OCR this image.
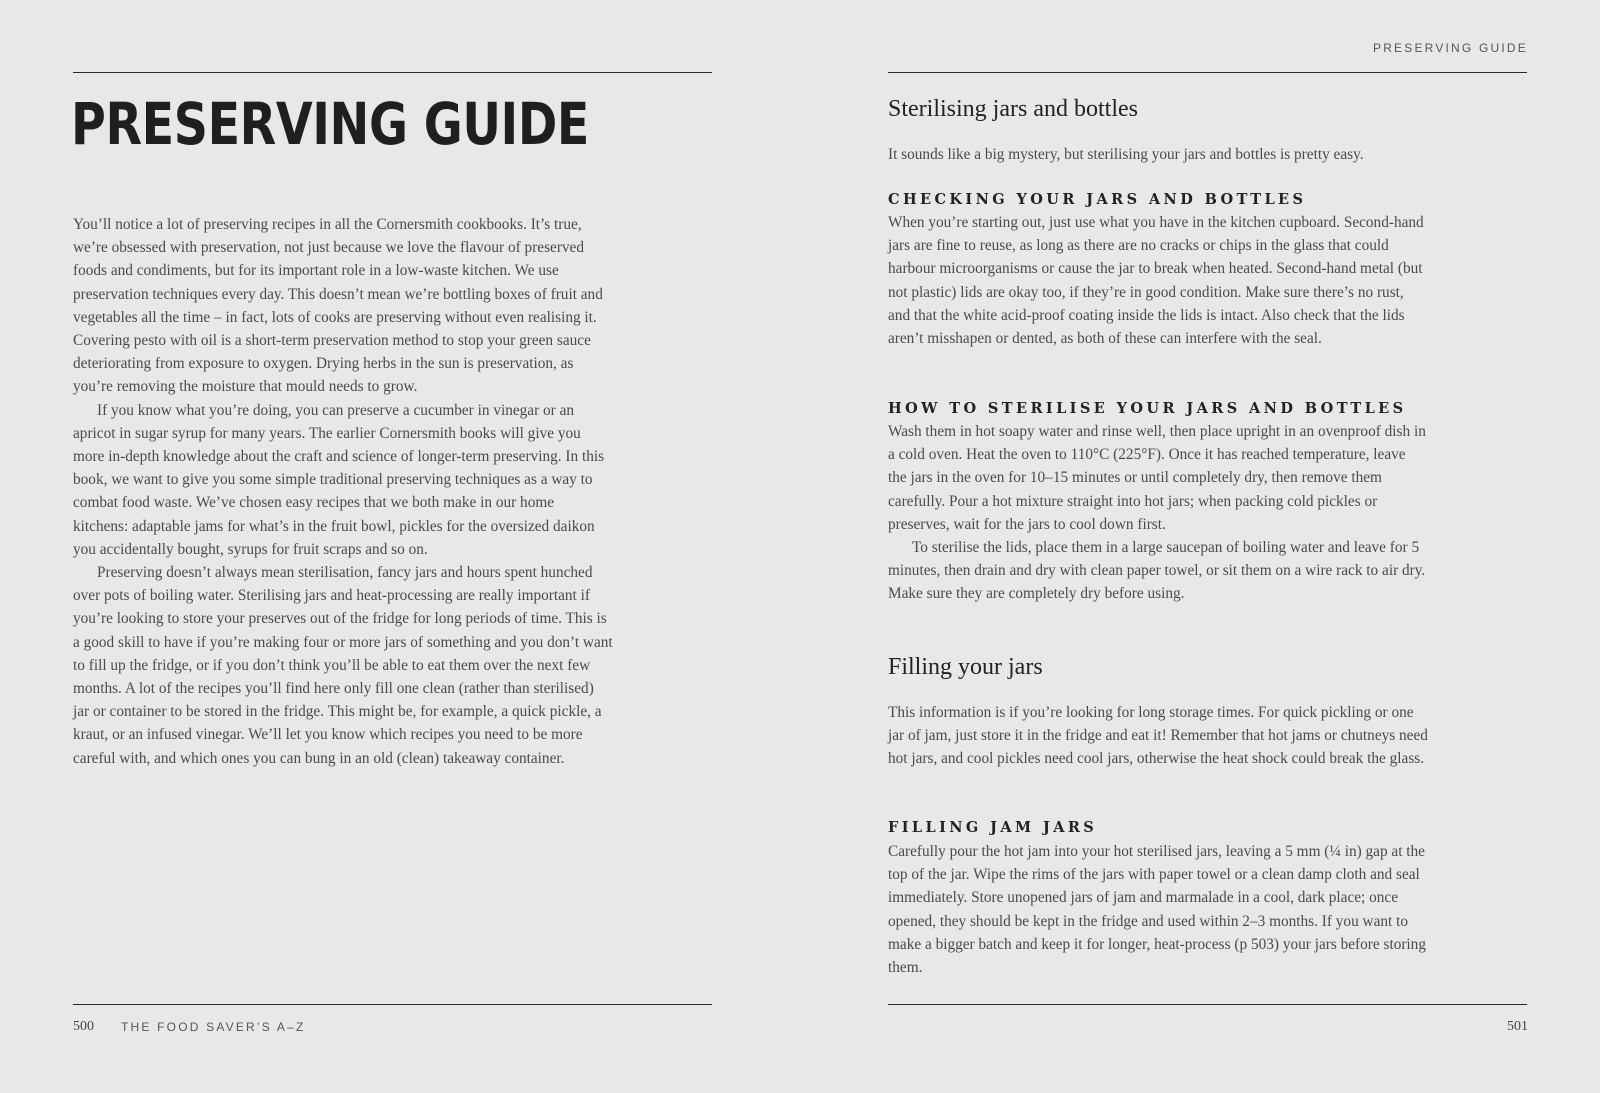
PRESERVING GUIDE

You’ll notice a lot of preserving recipes in all the Cornersmith cookbooks. It’s true, we’re obsessed with preservation, not just because we love the flavour of preserved foods and condiments, but for its important role in a low-waste kitchen. We use preservation techniques every day. This doesn’t mean we’re bottling boxes of fruit and vegetables all the time – in fact, lots of cooks are preserving without even realising it. Covering pesto with oil is a short-term preservation method to stop your green sauce deteriorating from exposure to oxygen. Drying herbs in the sun is preservation, as you’re removing the moisture that mould needs to grow.

If you know what you’re doing, you can preserve a cucumber in vinegar or an apricot in sugar syrup for many years. The earlier Cornersmith books will give you more in-depth knowledge about the craft and science of longer-term preserving. In this book, we want to give you some simple traditional preserving techniques as a way to combat food waste. We’ve chosen easy recipes that we both make in our home kitchens: adaptable jams for what’s in the fruit bowl, pickles for the oversized daikon you accidentally bought, syrups for fruit scraps and so on.

Preserving doesn’t always mean sterilisation, fancy jars and hours spent hunched over pots of boiling water. Sterilising jars and heat-processing are really important if you’re looking to store your preserves out of the fridge for long periods of time. This is a good skill to have if you’re making four or more jars of something and you don’t want to fill up the fridge, or if you don’t think you’ll be able to eat them over the next few months. A lot of the recipes you’ll find here only fill one clean (rather than sterilised) jar or container to be stored in the fridge. This might be, for example, a quick pickle, a kraut, or an infused vinegar. We’ll let you know which recipes you need to be more careful with, and which ones you can bung in an old (clean) takeaway container.

500 THE FOOD SAVER’S A–Z
PRESERVING GUIDE
Sterilising jars and bottles

It sounds like a big mystery, but sterilising your jars and bottles is pretty easy.

CHECKING YOUR JARS AND BOTTLES

When you’re starting out, just use what you have in the kitchen cupboard. Second-hand jars are fine to reuse, as long as there are no cracks or chips in the glass that could harbour microorganisms or cause the jar to break when heated. Second-hand metal (but not plastic) lids are okay too, if they’re in good condition. Make sure there’s no rust, and that the white acid-proof coating inside the lids is intact. Also check that the lids aren’t misshapen or dented, as both of these can interfere with the seal.

HOW TO STERILISE YOUR JARS AND BOTTLES

Wash them in hot soapy water and rinse well, then place upright in an ovenproof dish in a cold oven. Heat the oven to 110°C (225°F). Once it has reached temperature, leave the jars in the oven for 10–15 minutes or until completely dry, then remove them carefully. Pour a hot mixture straight into hot jars; when packing cold pickles or preserves, wait for the jars to cool down first.

To sterilise the lids, place them in a large saucepan of boiling water and leave for 5 minutes, then drain and dry with clean paper towel, or sit them on a wire rack to air dry. Make sure they are completely dry before using.

Filling your jars

This information is if you’re looking for long storage times. For quick pickling or one jar of jam, just store it in the fridge and eat it! Remember that hot jams or chutneys need hot jars, and cool pickles need cool jars, otherwise the heat shock could break the glass.

FILLING JAM JARS

Carefully pour the hot jam into your hot sterilised jars, leaving a 5 mm (¼ in) gap at the top of the jar. Wipe the rims of the jars with paper towel or a clean damp cloth and seal immediately. Store unopened jars of jam and marmalade in a cool, dark place; once opened, they should be kept in the fridge and used within 2–3 months. If you want to make a bigger batch and keep it for longer, heat-process (p 503) your jars before storing them.

501
